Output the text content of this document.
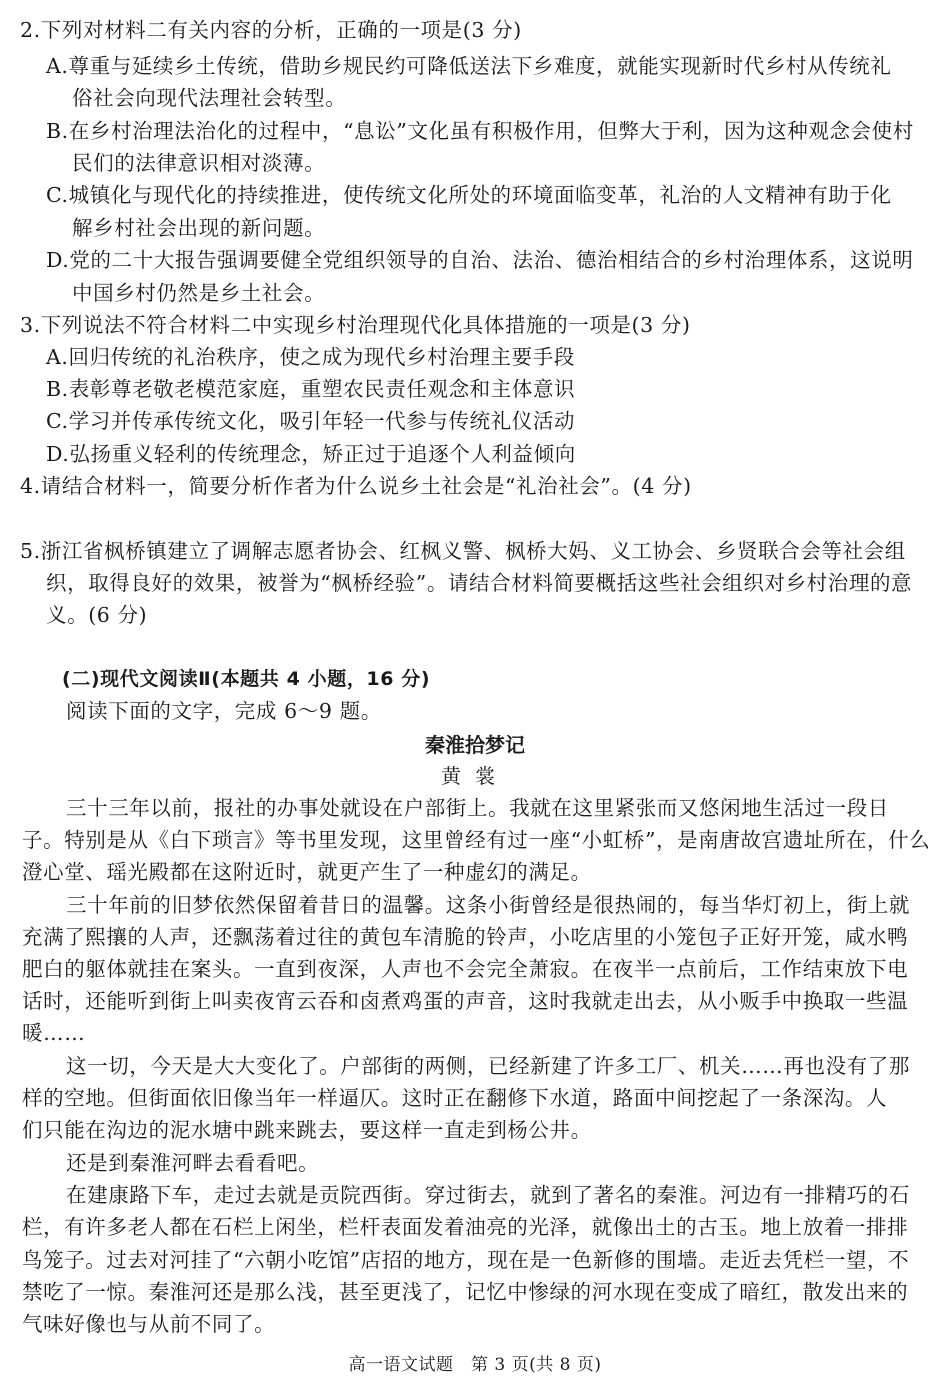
2.下列对材料二有关内容的分析，正确的一项是(3 分)
A.尊重与延续乡土传统，借助乡规民约可降低送法下乡难度，就能实现新时代乡村从传统礼
俗社会向现代法理社会转型。
B.在乡村治理法治化的过程中，“息讼”文化虽有积极作用，但弊大于利，因为这种观念会使村
民们的法律意识相对淡薄。
C.城镇化与现代化的持续推进，使传统文化所处的环境面临变革，礼治的人文精神有助于化
解乡村社会出现的新问题。
D.党的二十大报告强调要健全党组织领导的自治、法治、德治相结合的乡村治理体系，这说明
中国乡村仍然是乡土社会。
3.下列说法不符合材料二中实现乡村治理现代化具体措施的一项是(3 分)
A.回归传统的礼治秩序，使之成为现代乡村治理主要手段
B.表彰尊老敬老模范家庭，重塑农民责任观念和主体意识
C.学习并传承传统文化，吸引年轻一代参与传统礼仪活动
D.弘扬重义轻利的传统理念，矫正过于追逐个人利益倾向
4.请结合材料一，简要分析作者为什么说乡土社会是“礼治社会”。(4 分)
5.浙江省枫桥镇建立了调解志愿者协会、红枫义警、枫桥大妈、义工协会、乡贤联合会等社会组
织，取得良好的效果，被誉为“枫桥经验”。请结合材料简要概括这些社会组织对乡村治理的意
义。(6 分)
(二)现代文阅读Ⅱ(本题共 4 小题，16 分)
阅读下面的文字，完成 6～9 题。
秦淮拾梦记
黄裳
三十三年以前，报社的办事处就设在户部街上。我就在这里紧张而又悠闲地生活过一段日
子。特别是从《白下琐言》等书里发现，这里曾经有过一座“小虹桥”，是南唐故宫遗址所在，什么
澄心堂、瑶光殿都在这附近时，就更产生了一种虚幻的满足。
三十年前的旧梦依然保留着昔日的温馨。这条小街曾经是很热闹的，每当华灯初上，街上就
充满了熙攘的人声，还飘荡着过往的黄包车清脆的铃声，小吃店里的小笼包子正好开笼，咸水鸭
肥白的躯体就挂在案头。一直到夜深，人声也不会完全萧寂。在夜半一点前后，工作结束放下电
话时，还能听到街上叫卖夜宵云吞和卤煮鸡蛋的声音，这时我就走出去，从小贩手中换取一些温
暖……
这一切，今天是大大变化了。户部街的两侧，已经新建了许多工厂、机关……再也没有了那
样的空地。但街面依旧像当年一样逼仄。这时正在翻修下水道，路面中间挖起了一条深沟。人
们只能在沟边的泥水塘中跳来跳去，要这样一直走到杨公井。
还是到秦淮河畔去看看吧。
在建康路下车，走过去就是贡院西街。穿过街去，就到了著名的秦淮。河边有一排精巧的石
栏，有许多老人都在石栏上闲坐，栏杆表面发着油亮的光泽，就像出土的古玉。地上放着一排排
鸟笼子。过去对河挂了“六朝小吃馆”店招的地方，现在是一色新修的围墙。走近去凭栏一望，不
禁吃了一惊。秦淮河还是那么浅，甚至更浅了，记忆中惨绿的河水现在变成了暗红，散发出来的
气味好像也与从前不同了。
高一语文试题　第 3 页(共 8 页)
